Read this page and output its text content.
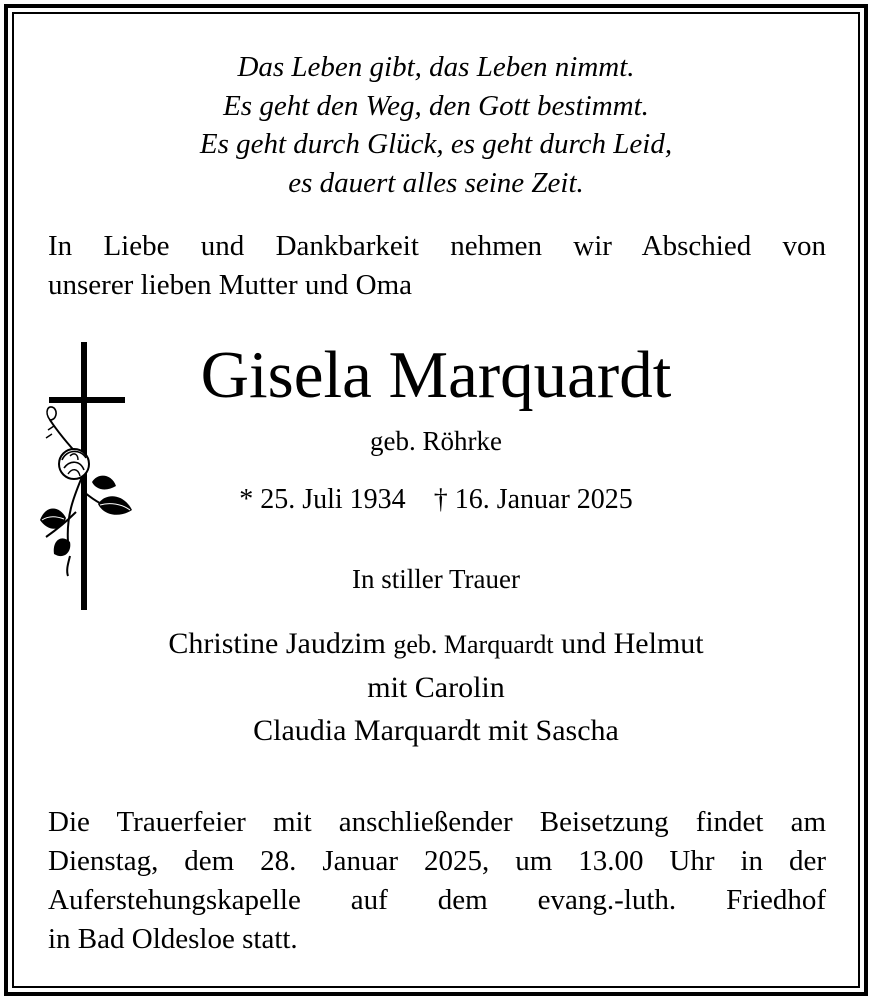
Das Leben gibt, das Leben nimmt.
Es geht den Weg, den Gott bestimmt.
Es geht durch Glück, es geht durch Leid,
es dauert alles seine Zeit.
In Liebe und Dankbarkeit nehmen wir Abschied von
unserer lieben Mutter und Oma
Gisela Marquardt
geb. Röhrke
* 25. Juli 1934 † 16. Januar 2025
In stiller Trauer
Christine Jaudzim geb. Marquardt und Helmut
mit Carolin
Claudia Marquardt mit Sascha
Die Trauerfeier mit anschließender Beisetzung findet am
Dienstag, dem 28. Januar 2025, um 13.00 Uhr in der
Auferstehungskapelle auf dem evang.-luth. Friedhof
in Bad Oldesloe statt.
